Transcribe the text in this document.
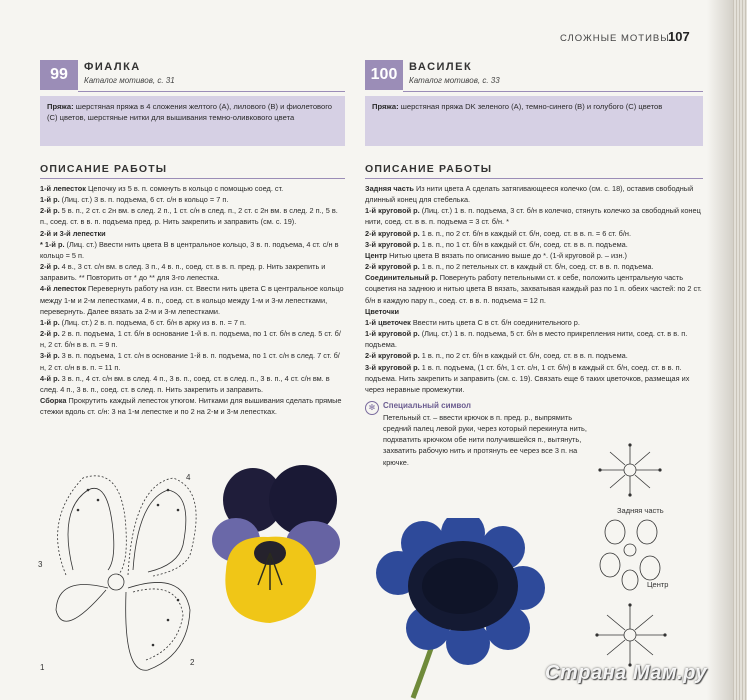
СЛОЖНЫЕ МОТИВЫ
107
99	ФИАЛКА
Каталог мотивов, с. 31
Пряжа: шерстяная пряжа в 4 сложения желтого (А), лилового (В) и фиолетового (С) цветов, шерстяные нитки для вышивания темно-оливкового цвета
ОПИСАНИЕ РАБОТЫ
1-й лепесток Цепочку из 5 в. п. сомкнуть в кольцо с помощью соед. ст.
1-й р. (Лиц. ст.) 3 в. п. подъема, 6 ст. с/н в кольцо = 7 п.
2-й р. 5 в. п., 2 ст. с 2н вм. в след. 2 п., 1 ст. с/н в след. п., 2 ст. с 2н вм. в след. 2 п., 5 в. п., соед. ст. в в. п. подъема пред. р. Нить закрепить и заправить (см. с. 19).
2-й и 3-й лепестки
* 1-й р. (Лиц. ст.) Ввести нить цвета В в центральное кольцо, 3 в. п. подъема, 4 ст. с/н в кольцо = 5 п.
2-й р. 4 в., 3 ст. с/н вм. в след. 3 п., 4 в. п., соед. ст. в в. п. пред. р. Нить закрепить и заправить. ** Повторить от * до ** для 3-го лепестка.
4-й лепесток Перевернуть работу на изн. ст. Ввести нить цвета С в центральное кольцо между 1-м и 2-м лепестками, 4 в. п., соед. ст. в кольцо между 1-м и 3-м лепестками, перевернуть. Далее вязать за 2-м и 3-м лепестками.
1-й р. (Лиц. ст.) 2 в. п. подъема, 6 ст. б/н в арку из в. п. = 7 п.
2-й р. 2 в. п. подъема, 1 ст. б/н в основание 1-й в. п. подъема, по 1 ст. б/н в след. 5 ст. б/н, 2 ст. б/н в в. п. = 9 п.
3-й р. 3 в. п. подъема, 1 ст. с/н в основание 1-й в. п. подъема, по 1 ст. с/н в след. 7 ст. б/н, 2 ст. с/н в в. п. = 11 п.
4-й р. 3 в. п., 4 ст. с/н вм. в след. 4 п., 3 в. п., соед. ст. в след. п., 3 в. п., 4 ст. с/н вм. в след. 4 п., 3 в. п., соед. ст. в след. п. Нить закрепить и заправить.
Сборка Прокрутить каждый лепесток утюгом. Нитками для вышивания сделать прямые стежки вдоль ст. с/н: 3 на 1-м лепестке и по 2 на 2-м и 3-м лепестках.
100	ВАСИЛЕК
Каталог мотивов, с. 33
Пряжа: шерстяная пряжа DK зеленого (А), темно-синего (В) и голубого (С) цветов
ОПИСАНИЕ РАБОТЫ
Задняя часть Из нити цвета А сделать затягивающееся колечко (см. с. 18), оставив свободный длинный конец для стебелька.
1-й круговой р. (Лиц. ст.) 1 в. п. подъема, 3 ст. б/н в колечко, стянуть колечко за свободный конец нити, соед. ст. в в. п. подъема = 3 ст. б/н. *
2-й круговой р. 1 в. п., по 2 ст. б/н в каждый ст. б/н, соед. ст. в в. п. = 6 ст. б/н.
3-й круговой р. 1 в. п., по 1 ст. б/н в каждый ст. б/н, соед. ст. в в. п. подъема.
Центр Нитью цвета В вязать по описанию выше до *. (1-й круговой р. – изн.)
2-й круговой р. 1 в. п., по 2 петельных ст. в каждый ст. б/н, соед. ст. в в. п. подъема.
Соединительный р. Повернуть работу петельными ст. к себе, положить центральную часть соцветия на заднюю и нитью цвета В вязать, захватывая каждый раз по 1 п. обеих частей: по 2 ст. б/н в каждую пару п., соед. ст. в в. п. подъема = 12 п.
Цветочки
1-й цветочек Ввести нить цвета С в ст. б/н соединительного р.
1-й круговой р. (Лиц. ст.) 1 в. п. подъема, 5 ст. б/н в место прикрепления нити, соед. ст. в в. п. подъема.
2-й круговой р. 1 в. п., по 2 ст. б/н в каждый ст. б/н, соед. ст. в в. п. подъема.
3-й круговой р. 1 в. п. подъема, (1 ст. б/н, 1 ст. с/н, 1 ст. б/н) в каждый ст. б/н, соед. ст. в в. п. подъема. Нить закрепить и заправить (см. с. 19). Связать еще 6 таких цветочков, размещая их через неравные промежутки.
✻ Специальный символ
Петельный ст. – ввести крючок в п. пред. р., выпрямить средний палец левой руки, через который перекинута нить, подхватить крючком обе нити получившейся п., вытянуть, захватить рабочую нить и протянуть ее через все 3 п. на крючке.
4
3
1
2
Задняя часть
Центр
Страна Мам.ру
